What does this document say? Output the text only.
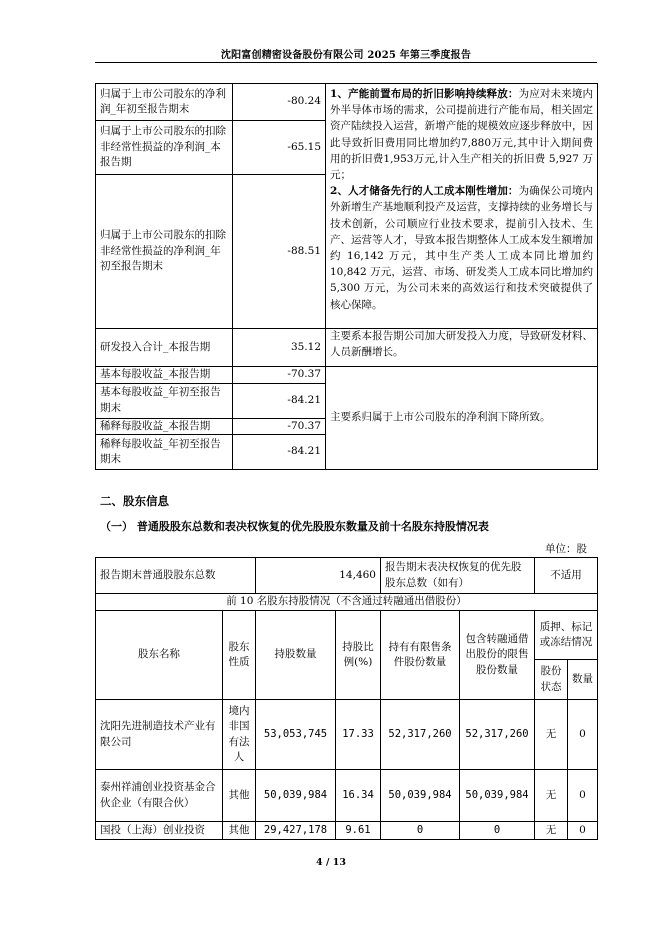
沈阳富创精密设备股份有限公司 2025 年第三季度报告
归属于上市公司股东的净利润_年初至报告期末	-80.24	1、产能前置布局的折旧影响持续释放：为应对未来境内外半导体市场的需求，公司提前进行产能布局，相关固定资产陆续投入运营，新增产能的规模效应逐步释放中，因此导致折旧费用同比增加约7,880万元,其中计入期间费用的折旧费1,953万元,计入生产相关的折旧费 5,927 万元；
2、人才储备先行的人工成本刚性增加：为确保公司境内外新增生产基地顺利投产及运营，支撑持续的业务增长与技术创新，公司顺应行业技术要求，提前引入技术、生产、运营等人才，导致本报告期整体人工成本发生额增加约 16,142 万元，其中生产类人工成本同比增加约 10,842 万元，运营、市场、研发类人工成本同比增加约 5,300 万元，为公司未来的高效运行和技术突破提供了核心保障。
归属于上市公司股东的扣除非经常性损益的净利润_本报告期	-65.15	
归属于上市公司股东的扣除非经常性损益的净利润_年初至报告期末	-88.51	
研发投入合计_本报告期	35.12	主要系本报告期公司加大研发投入力度，导致研发材料、人员新酬增长。
基本每股收益_本报告期	-70.37	主要系归属于上市公司股东的净利润下降所致。
基本每股收益_年初至报告期末	-84.21	
稀释每股收益_本报告期	-70.37	
稀释每股收益_年初至报告期末	-84.21	
二、股东信息
（一） 普通股股东总数和表决权恢复的优先股股东数量及前十名股东持股情况表
单位：股
报告期末普通股股东总数		14,460		报告期末表决权恢复的优先股股东总数（如有）		不适用	
前 10 名股东持股情况（不含通过转融通出借股份）							
股东名称	股东性质	持股数量	持股比例(%)	持有有限售条件股份数量	包含转融通借出股份的限售股份数量	质押、标记或冻结情况	
						股份状态	数量
沈阳先进制造技术产业有限公司	境内非国有法人	53,053,745	17.33	52,317,260	52,317,260	无	0
泰州祥浦创业投资基金合伙企业（有限合伙）	其他	50,039,984	16.34	50,039,984	50,039,984	无	0
国投（上海）创业投资	其他	29,427,178	9.61	0	0	无	0
4 / 13
